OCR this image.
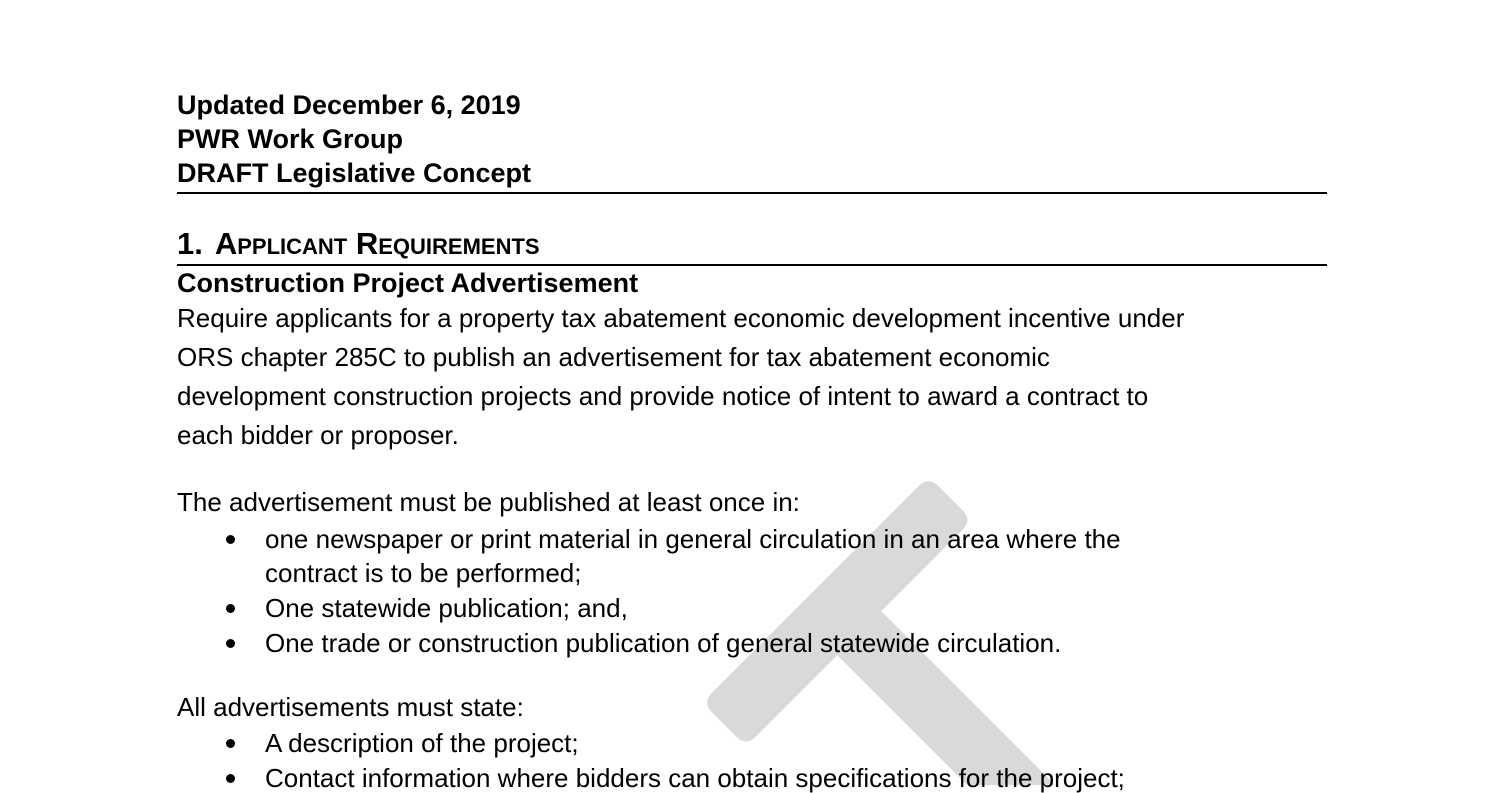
Updated December 6, 2019
PWR Work Group
DRAFT Legislative Concept
1. Applicant Requirements
Construction Project Advertisement
Require applicants for a property tax abatement economic development incentive under
ORS chapter 285C to publish an advertisement for tax abatement economic
development construction projects and provide notice of intent to award a contract to
each bidder or proposer.
The advertisement must be published at least once in:
one newspaper or print material in general circulation in an area where the
contract is to be performed;
One statewide publication; and,
One trade or construction publication of general statewide circulation.
All advertisements must state:
A description of the project;
Contact information where bidders can obtain specifications for the project;
